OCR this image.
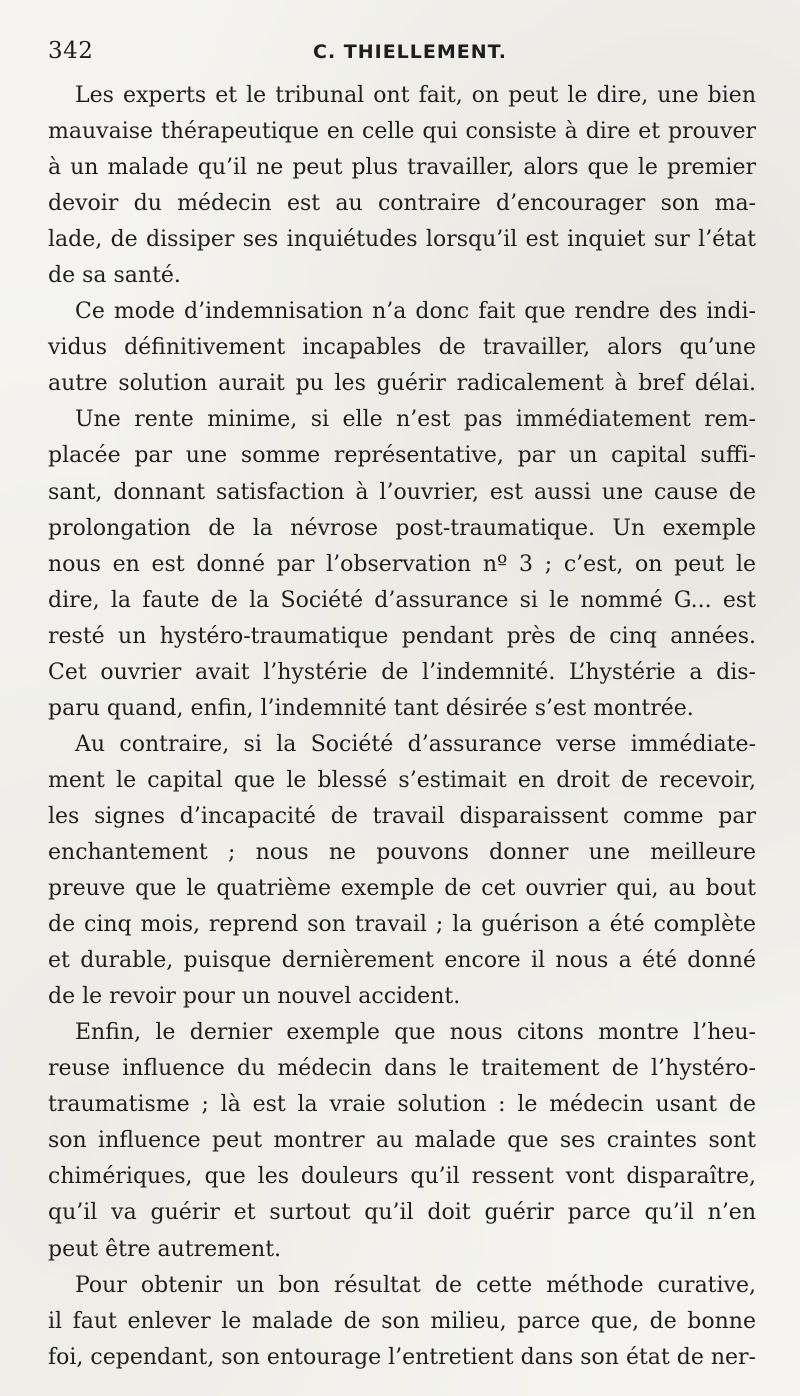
342	C. THIELLEMENT.
Les experts et le tribunal ont fait, on peut le dire, une bien
mauvaise thérapeutique en celle qui consiste à dire et prouver
à un malade qu’il ne peut plus travailler, alors que le premier
devoir du médecin est au contraire d’encourager son ma-
lade, de dissiper ses inquiétudes lorsqu’il est inquiet sur l’état
de sa santé.
Ce mode d’indemnisation n’a donc fait que rendre des indi-
vidus définitivement incapables de travailler, alors qu’une
autre solution aurait pu les guérir radicalement à bref délai.
Une rente minime, si elle n’est pas immédiatement rem-
placée par une somme représentative, par un capital suffi-
sant, donnant satisfaction à l’ouvrier, est aussi une cause de
prolongation de la névrose post-traumatique. Un exemple
nous en est donné par l’observation nº 3 ; c’est, on peut le
dire, la faute de la Société d’assurance si le nommé G... est
resté un hystéro-traumatique pendant près de cinq années.
Cet ouvrier avait l’hystérie de l’indemnité. L’hystérie a dis-
paru quand, enfin, l’indemnité tant désirée s’est montrée.
Au contraire, si la Société d’assurance verse immédiate-
ment le capital que le blessé s’estimait en droit de recevoir,
les signes d’incapacité de travail disparaissent comme par
enchantement ; nous ne pouvons donner une meilleure
preuve que le quatrième exemple de cet ouvrier qui, au bout
de cinq mois, reprend son travail ; la guérison a été complète
et durable, puisque dernièrement encore il nous a été donné
de le revoir pour un nouvel accident.
Enfin, le dernier exemple que nous citons montre l’heu-
reuse influence du médecin dans le traitement de l’hystéro-
traumatisme ; là est la vraie solution : le médecin usant de
son influence peut montrer au malade que ses craintes sont
chimériques, que les douleurs qu’il ressent vont disparaître,
qu’il va guérir et surtout qu’il doit guérir parce qu’il n’en
peut être autrement.
Pour obtenir un bon résultat de cette méthode curative,
il faut enlever le malade de son milieu, parce que, de bonne
foi, cependant, son entourage l’entretient dans son état de ner-
